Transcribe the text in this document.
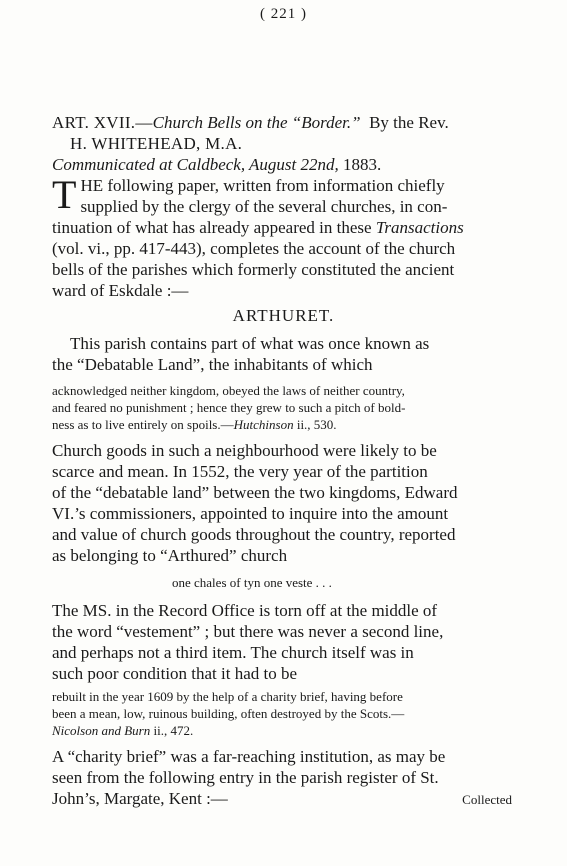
( 221 )
ART. XVII.—Church Bells on the “Border.” By the Rev.
H. WHITEHEAD, M.A.
Communicated at Caldbeck, August 22nd, 1883.
T HE following paper, written from information chiefly
supplied by the clergy of the several churches, in con-
tinuation of what has already appeared in these Transactions
(vol. vi., pp. 417-443), completes the account of the church
bells of the parishes which formerly constituted the ancient
ward of Eskdale :—
ARTHURET.
This parish contains part of what was once known as
the “Debatable Land”, the inhabitants of which
acknowledged neither kingdom, obeyed the laws of neither country,
and feared no punishment ; hence they grew to such a pitch of bold-
ness as to live entirely on spoils.—Hutchinson ii., 530.
Church goods in such a neighbourhood were likely to be
scarce and mean. In 1552, the very year of the partition
of the “debatable land” between the two kingdoms, Edward
VI.’s commissioners, appointed to inquire into the amount
and value of church goods throughout the country, reported
as belonging to “Arthured” church
one chales of tyn one veste . . .
The MS. in the Record Office is torn off at the middle of
the word “vestement” ; but there was never a second line,
and perhaps not a third item. The church itself was in
such poor condition that it had to be
rebuilt in the year 1609 by the help of a charity brief, having before
been a mean, low, ruinous building, often destroyed by the Scots.—
Nicolson and Burn ii., 472.
A “charity brief” was a far-reaching institution, as may be
seen from the following entry in the parish register of St.
John’s, Margate, Kent :—	Collected
